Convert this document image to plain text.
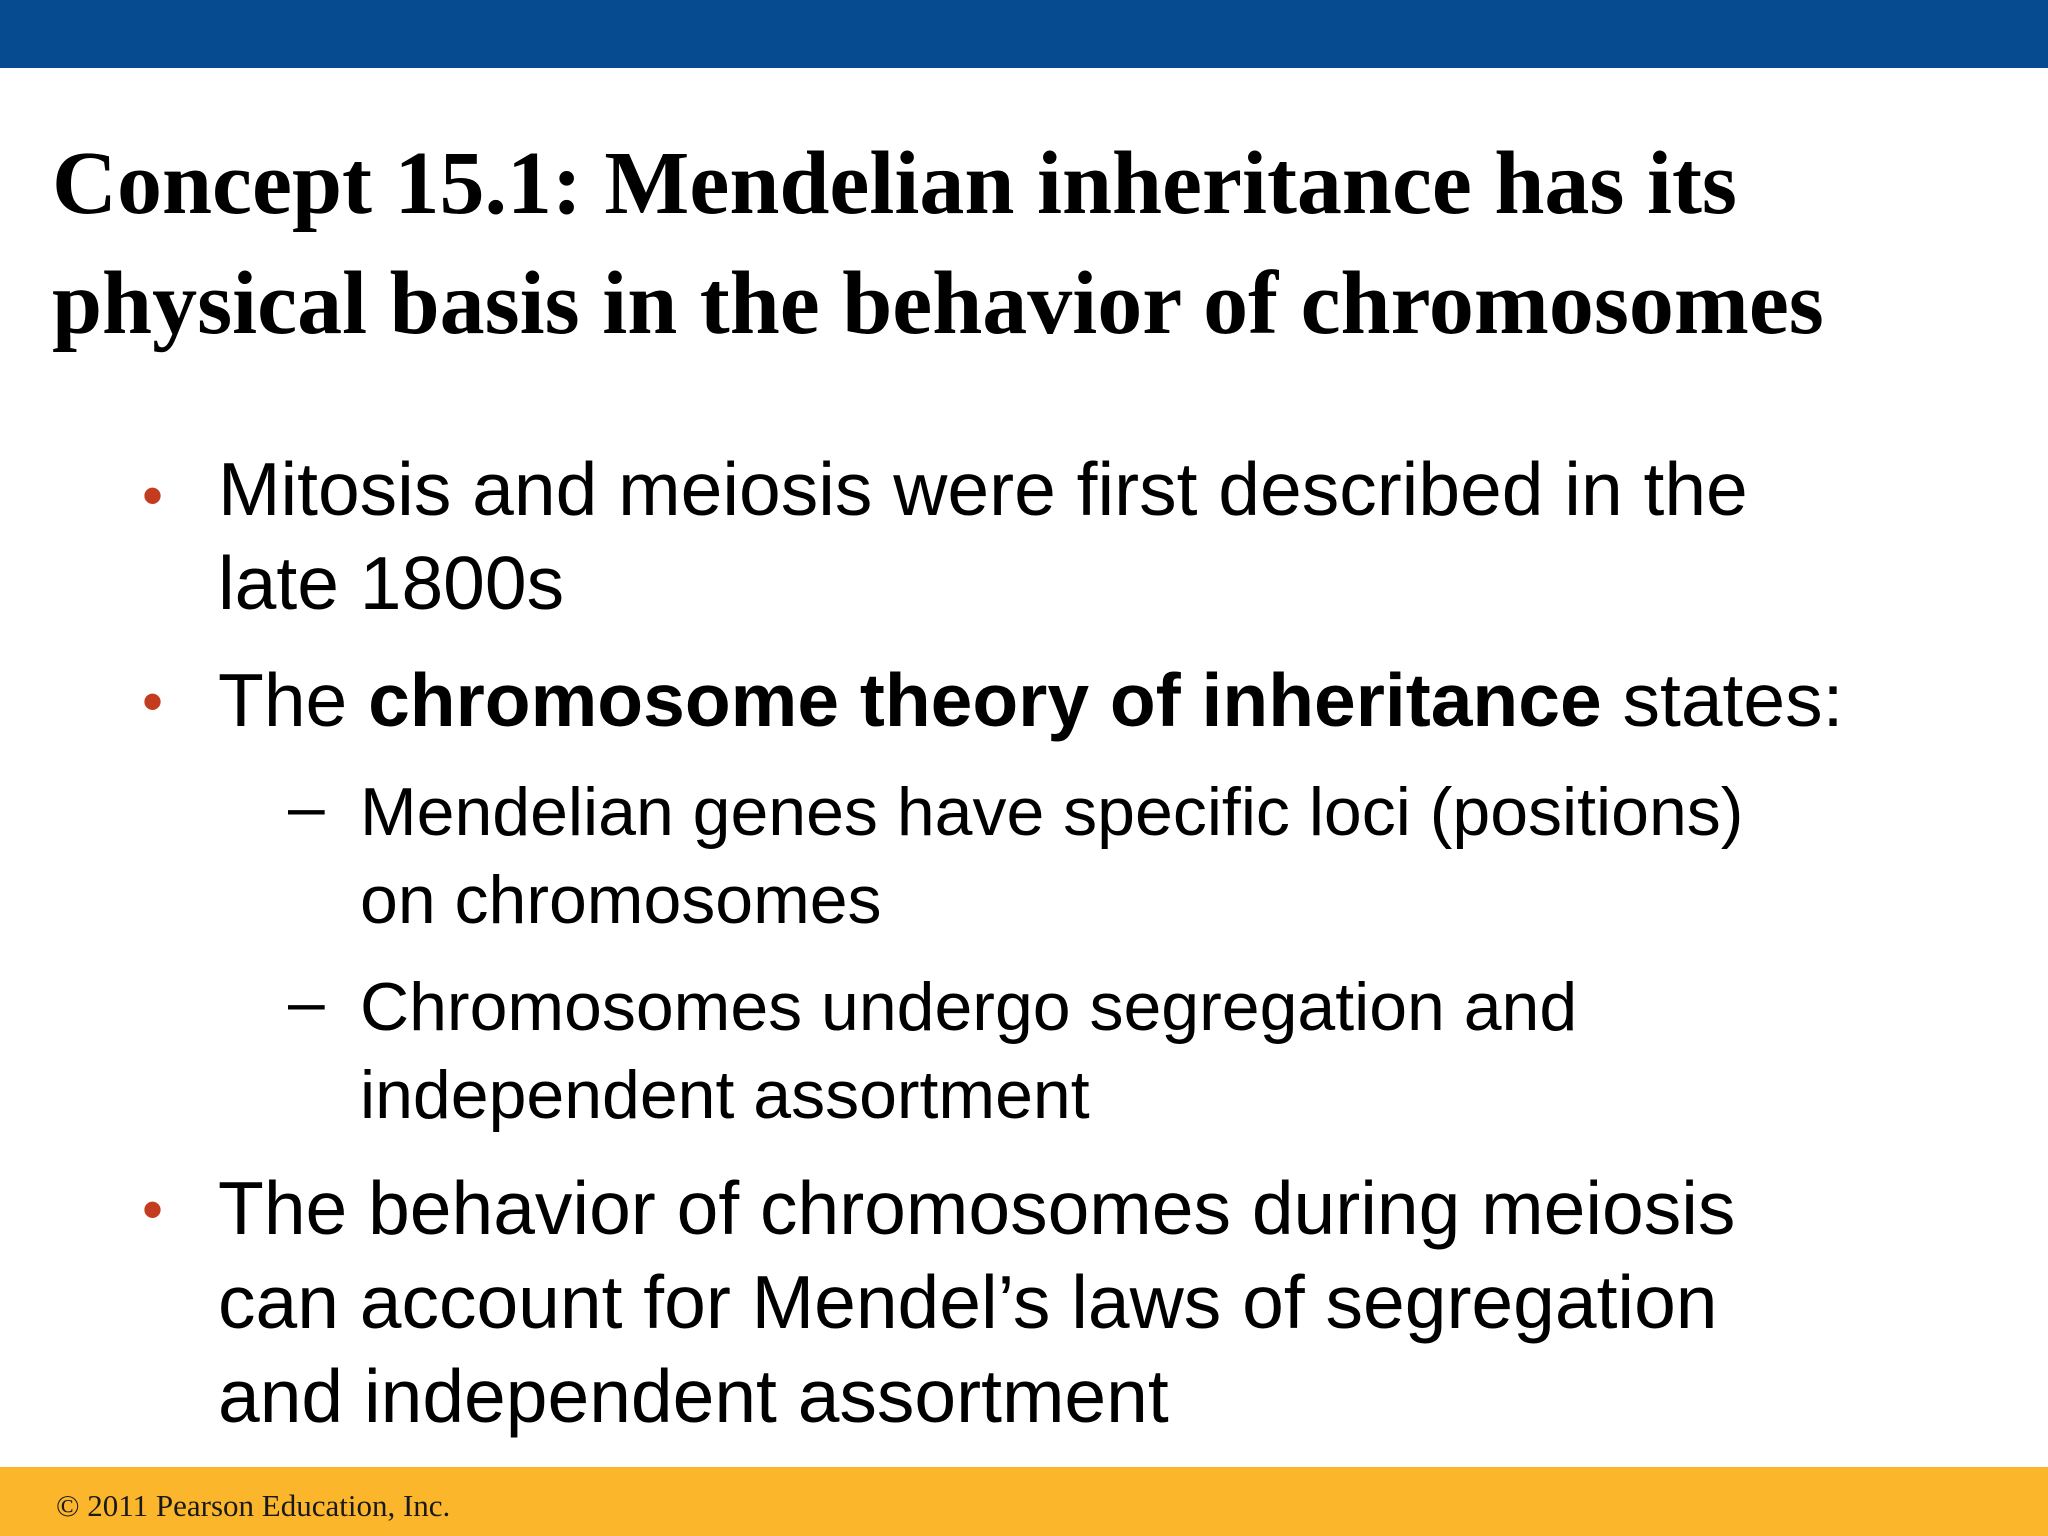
Concept 15.1: Mendelian inheritance has its
physical basis in the behavior of chromosomes
• Mitosis and meiosis were first described in the
late 1800s
• The chromosome theory of inheritance states:
– Mendelian genes have specific loci (positions)
on chromosomes
– Chromosomes undergo segregation and
independent assortment
• The behavior of chromosomes during meiosis
can account for Mendel’s laws of segregation
and independent assortment
© 2011 Pearson Education, Inc.
